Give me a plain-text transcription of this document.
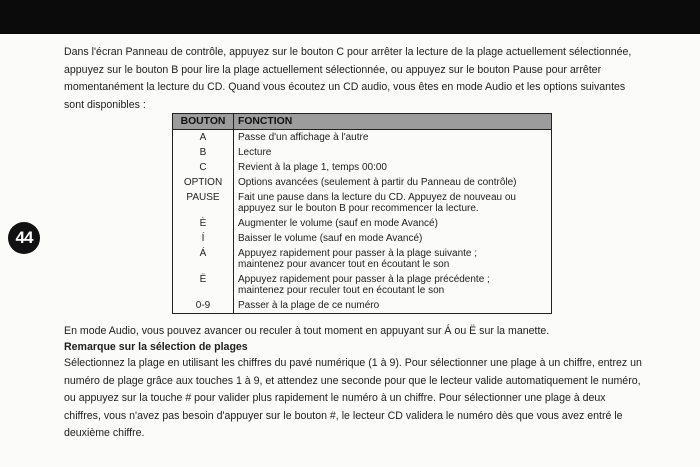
44

Dans l'écran Panneau de contrôle, appuyez sur le bouton C pour arrêter la lecture de la plage actuellement sélectionnée, appuyez sur le bouton B pour lire la plage actuellement sélectionnée, ou appuyez sur le bouton Pause pour arrêter momentanément la lecture du CD. Quand vous écoutez un CD audio, vous êtes en mode Audio et les options suivantes sont disponibles :

BOUTON	FONCTION
A	Passe d'un affichage à l'autre
B	Lecture
C	Revient à la plage 1, temps 00:00
OPTION	Options avancées (seulement à partir du Panneau de contrôle)
PAUSE	Fait une pause dans la lecture du CD. Appuyez de nouveau ou
appuyez sur le bouton B pour recommencer la lecture.
È	Augmenter le volume (sauf en mode Avancé)
Í	Baisser le volume (sauf en mode Avancé)
Á	Appuyez rapidement pour passer à la plage suivante ;
maintenez pour avancer tout en écoutant le son
Ë	Appuyez rapidement pour passer à la plage précédente ;
maintenez pour reculer tout en écoutant le son
0-9	Passer à la plage de ce numéro

En mode Audio, vous pouvez avancer ou reculer à tout moment en appuyant sur Á ou Ë sur la manette.

Remarque sur la sélection de plages

Sélectionnez la plage en utilisant les chiffres du pavé numérique (1 à 9). Pour sélectionner une plage à un chiffre, entrez un numéro de plage grâce aux touches 1 à 9, et attendez une seconde pour que le lecteur valide automatiquement le numéro, ou appuyez sur la touche # pour valider plus rapidement le numéro à un chiffre. Pour sélectionner une plage à deux chiffres, vous n'avez pas besoin d'appuyer sur le bouton #, le lecteur CD validera le numéro dès que vous avez entré le deuxième chiffre.
